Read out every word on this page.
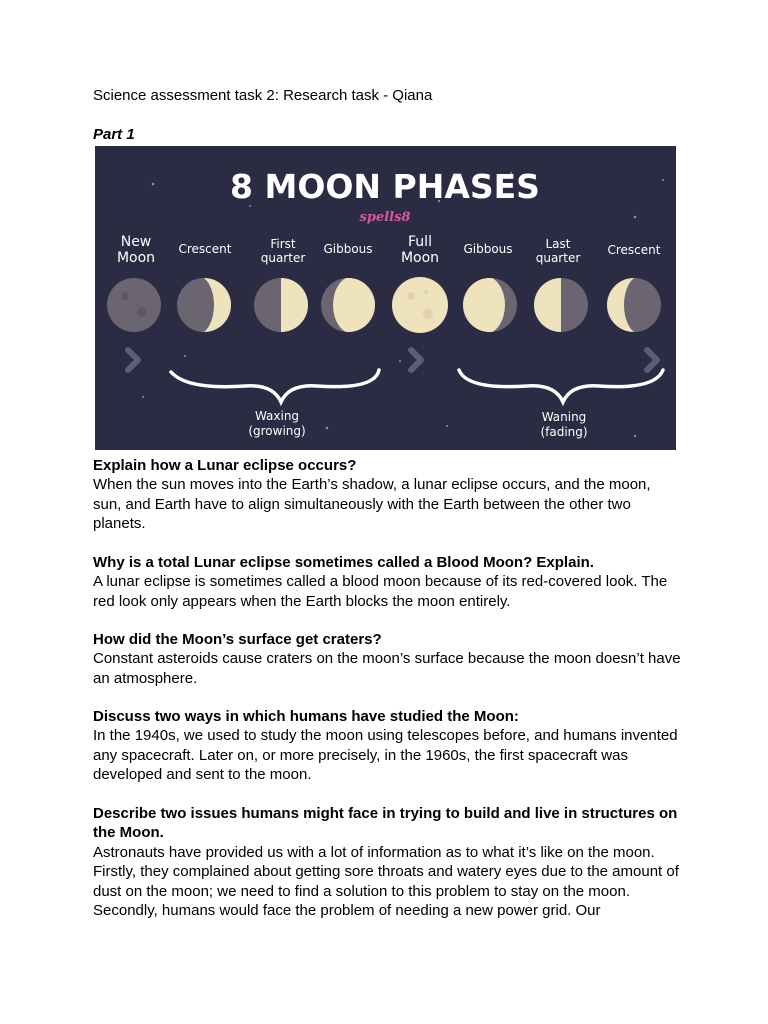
Science assessment task 2: Research task - Qiana
Part 1
8 MOON PHASES
spells8
New
Moon
Crescent	First
quarter
Gibbous	Full
Moon
Gibbous	Last
quarter
Crescent
Waxing
(growing)
Waning
(fading)
Explain how a Lunar eclipse occurs?
When the sun moves into the Earth’s shadow, a lunar eclipse occurs, and the moon, sun, and Earth have to align simultaneously with the Earth between the other two planets.
Why is a total Lunar eclipse sometimes called a Blood Moon? Explain.
A lunar eclipse is sometimes called a blood moon because of its red-covered look. The red look only appears when the Earth blocks the moon entirely.
How did the Moon’s surface get craters?
Constant asteroids cause craters on the moon’s surface because the moon doesn’t have an atmosphere.
Discuss two ways in which humans have studied the Moon:
In the 1940s, we used to study the moon using telescopes before, and humans invented any spacecraft. Later on, or more precisely, in the 1960s, the first spacecraft was developed and sent to the moon.
Describe two issues humans might face in trying to build and live in structures on the Moon.
Astronauts have provided us with a lot of information as to what it’s like on the moon. Firstly, they complained about getting sore throats and watery eyes due to the amount of dust on the moon; we need to find a solution to this problem to stay on the moon. Secondly, humans would face the problem of needing a new power grid. Our
